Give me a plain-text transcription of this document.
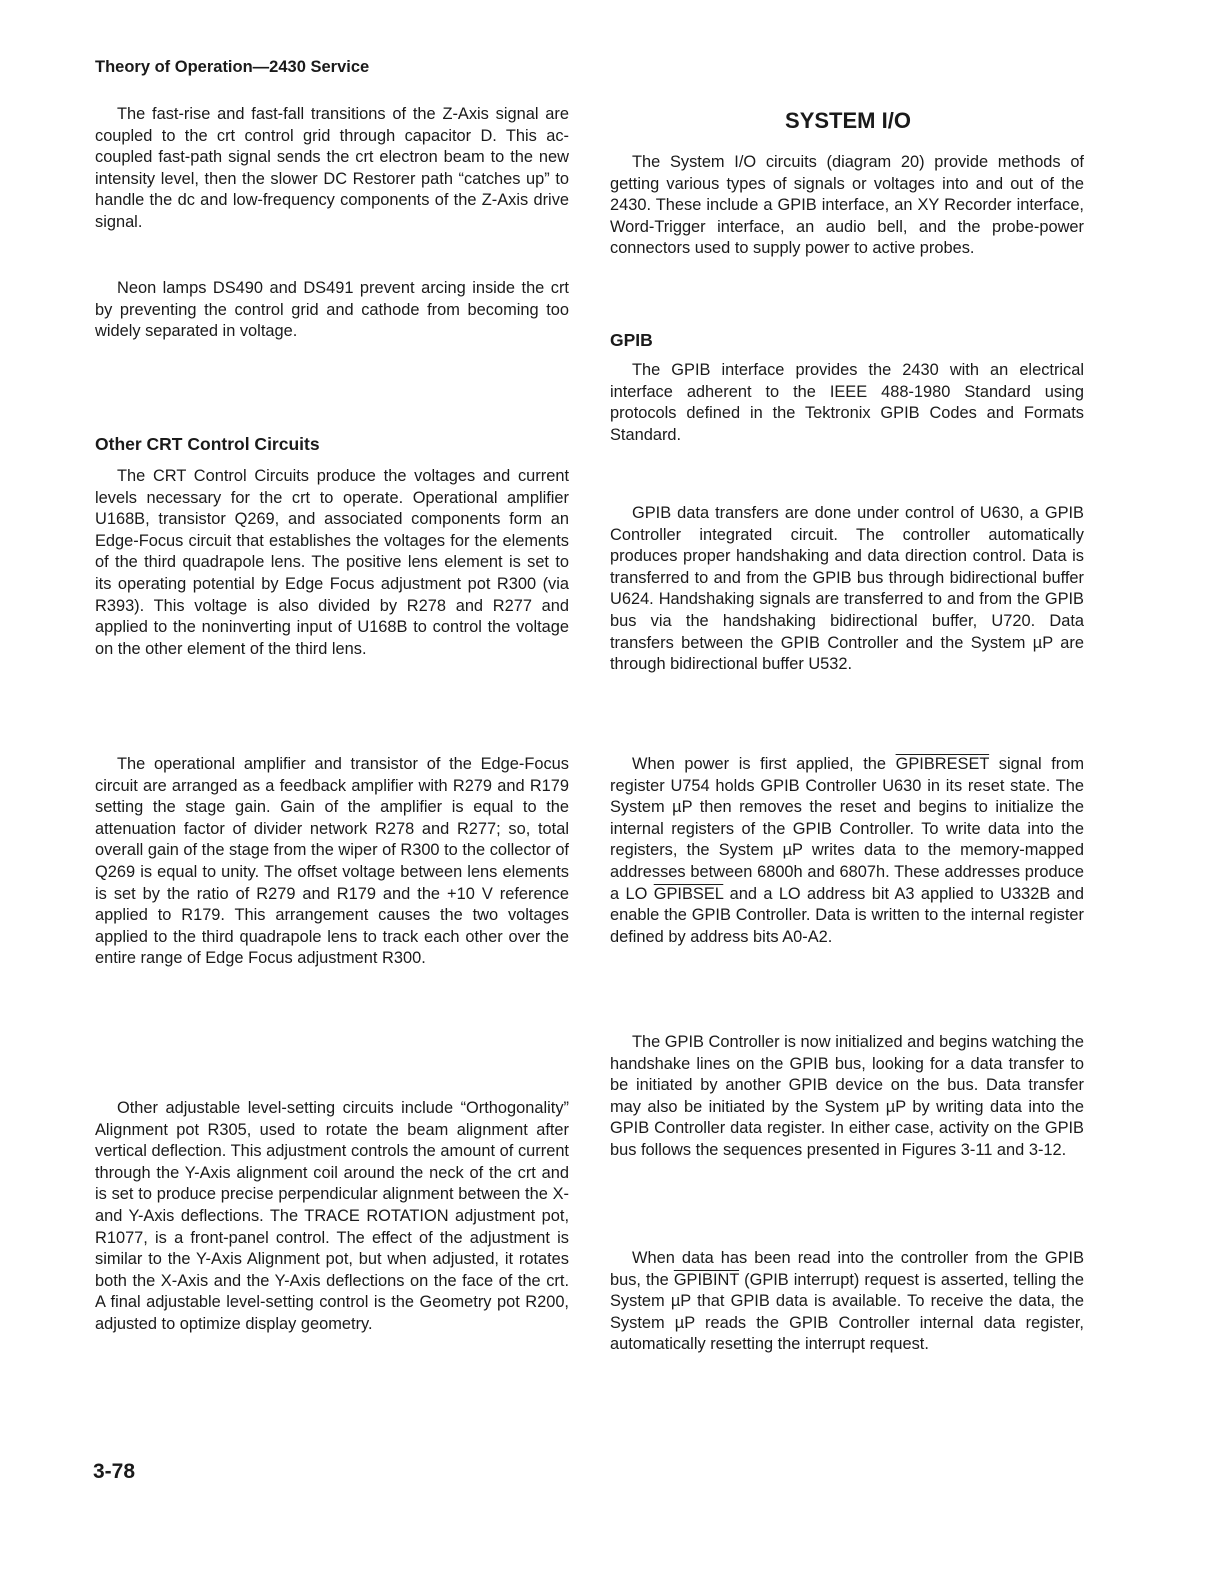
Theory of Operation—2430 Service

The fast-rise and fast-fall transitions of the Z-Axis signal are coupled to the crt control grid through capacitor D. This ac-coupled fast-path signal sends the crt electron beam to the new intensity level, then the slower DC Restorer path “catches up” to handle the dc and low-frequency components of the Z-Axis drive signal.

Neon lamps DS490 and DS491 prevent arcing inside the crt by preventing the control grid and cathode from becoming too widely separated in voltage.

Other CRT Control Circuits

The CRT Control Circuits produce the voltages and current levels necessary for the crt to operate. Operational amplifier U168B, transistor Q269, and associated components form an Edge-Focus circuit that establishes the voltages for the elements of the third quadrapole lens. The positive lens element is set to its operating potential by Edge Focus adjustment pot R300 (via R393). This voltage is also divided by R278 and R277 and applied to the noninverting input of U168B to control the voltage on the other element of the third lens.

The operational amplifier and transistor of the Edge-Focus circuit are arranged as a feedback amplifier with R279 and R179 setting the stage gain. Gain of the amplifier is equal to the attenuation factor of divider network R278 and R277; so, total overall gain of the stage from the wiper of R300 to the collector of Q269 is equal to unity. The offset voltage between lens elements is set by the ratio of R279 and R179 and the +10 V reference applied to R179. This arrangement causes the two voltages applied to the third quadrapole lens to track each other over the entire range of Edge Focus adjustment R300.

Other adjustable level-setting circuits include “Orthogonality” Alignment pot R305, used to rotate the beam alignment after vertical deflection. This adjustment controls the amount of current through the Y-Axis alignment coil around the neck of the crt and is set to produce precise perpendicular alignment between the X- and Y-Axis deflections. The TRACE ROTATION adjustment pot, R1077, is a front-panel control. The effect of the adjustment is similar to the Y-Axis Alignment pot, but when adjusted, it rotates both the X-Axis and the Y-Axis deflections on the face of the crt. A final adjustable level-setting control is the Geometry pot R200, adjusted to optimize display geometry.

SYSTEM I/O

The System I/O circuits (diagram 20) provide methods of getting various types of signals or voltages into and out of the 2430. These include a GPIB interface, an XY Recorder interface, Word-Trigger interface, an audio bell, and the probe-power connectors used to supply power to active probes.

GPIB

The GPIB interface provides the 2430 with an electrical interface adherent to the IEEE 488-1980 Standard using protocols defined in the Tektronix GPIB Codes and Formats Standard.

GPIB data transfers are done under control of U630, a GPIB Controller integrated circuit. The controller automatically produces proper handshaking and data direction control. Data is transferred to and from the GPIB bus through bidirectional buffer U624. Handshaking signals are transferred to and from the GPIB bus via the handshaking bidirectional buffer, U720. Data transfers between the GPIB Controller and the System µP are through bidirectional buffer U532.

When power is first applied, the GPIBRESET signal from register U754 holds GPIB Controller U630 in its reset state. The System µP then removes the reset and begins to initialize the internal registers of the GPIB Controller. To write data into the registers, the System µP writes data to the memory-mapped addresses between 6800h and 6807h. These addresses produce a LO GPIBSEL and a LO address bit A3 applied to U332B and enable the GPIB Controller. Data is written to the internal register defined by address bits A0-A2.

The GPIB Controller is now initialized and begins watching the handshake lines on the GPIB bus, looking for a data transfer to be initiated by another GPIB device on the bus. Data transfer may also be initiated by the System µP by writing data into the GPIB Controller data register. In either case, activity on the GPIB bus follows the sequences presented in Figures 3-11 and 3-12.

When data has been read into the controller from the GPIB bus, the GPIBINT (GPIB interrupt) request is asserted, telling the System µP that GPIB data is available. To receive the data, the System µP reads the GPIB Controller internal data register, automatically resetting the interrupt request.

3-78
